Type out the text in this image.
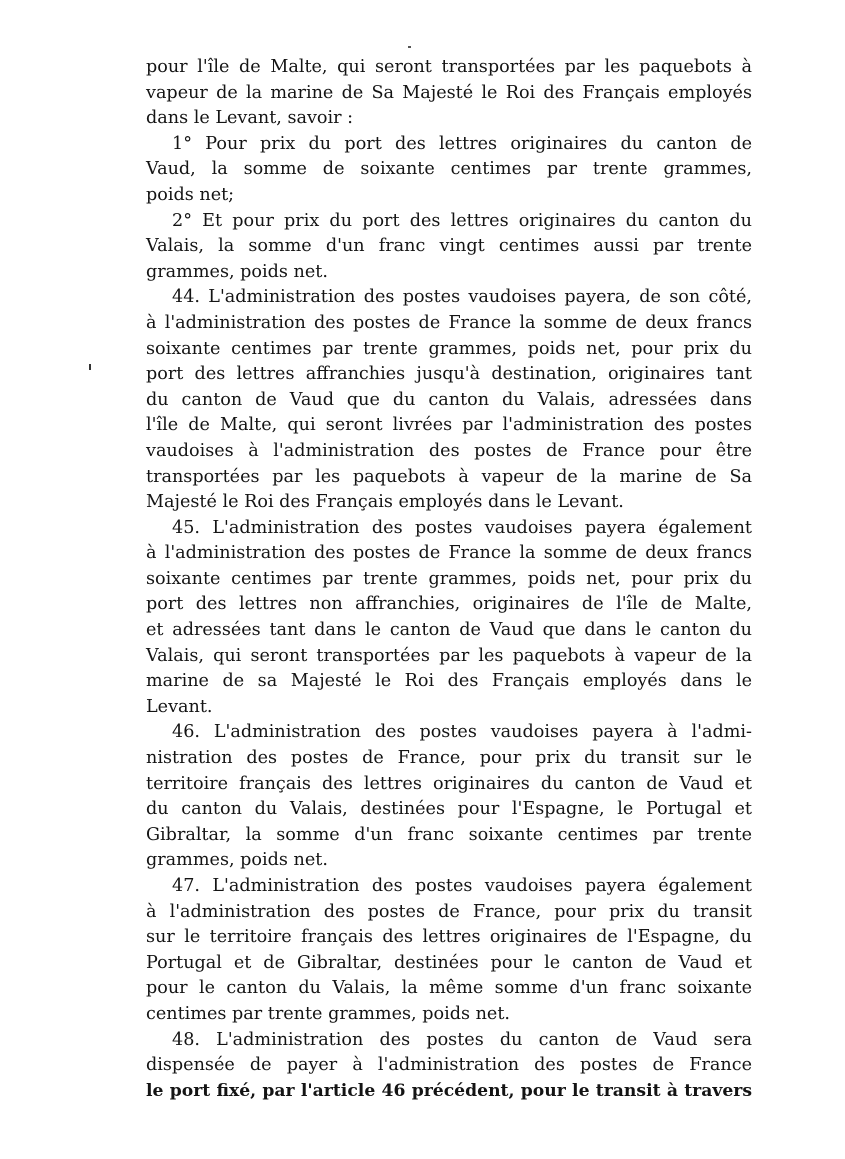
pour l'île de Malte, qui seront transportées par les paquebots à
vapeur de la marine de Sa Majesté le Roi des Français employés
dans le Levant, savoir :
1° Pour prix du port des lettres originaires du canton de
Vaud, la somme de soixante centimes par trente grammes,
poids net;
2° Et pour prix du port des lettres originaires du canton du
Valais, la somme d'un franc vingt centimes aussi par trente
grammes, poids net.
44. L'administration des postes vaudoises payera, de son côté,
à l'administration des postes de France la somme de deux francs
soixante centimes par trente grammes, poids net, pour prix du
port des lettres affranchies jusqu'à destination, originaires tant
du canton de Vaud que du canton du Valais, adressées dans
l'île de Malte, qui seront livrées par l'administration des postes
vaudoises à l'administration des postes de France pour être
transportées par les paquebots à vapeur de la marine de Sa
Majesté le Roi des Français employés dans le Levant.
45. L'administration des postes vaudoises payera également
à l'administration des postes de France la somme de deux francs
soixante centimes par trente grammes, poids net, pour prix du
port des lettres non affranchies, originaires de l'île de Malte,
et adressées tant dans le canton de Vaud que dans le canton du
Valais, qui seront transportées par les paquebots à vapeur de la
marine de sa Majesté le Roi des Français employés dans le
Levant.
46. L'administration des postes vaudoises payera à l'admi-
nistration des postes de France, pour prix du transit sur le
territoire français des lettres originaires du canton de Vaud et
du canton du Valais, destinées pour l'Espagne, le Portugal et
Gibraltar, la somme d'un franc soixante centimes par trente
grammes, poids net.
47. L'administration des postes vaudoises payera également
à l'administration des postes de France, pour prix du transit
sur le territoire français des lettres originaires de l'Espagne, du
Portugal et de Gibraltar, destinées pour le canton de Vaud et
pour le canton du Valais, la même somme d'un franc soixante
centimes par trente grammes, poids net.
48. L'administration des postes du canton de Vaud sera
dispensée de payer à l'administration des postes de France
le port fixé, par l'article 46 précédent, pour le transit à travers
